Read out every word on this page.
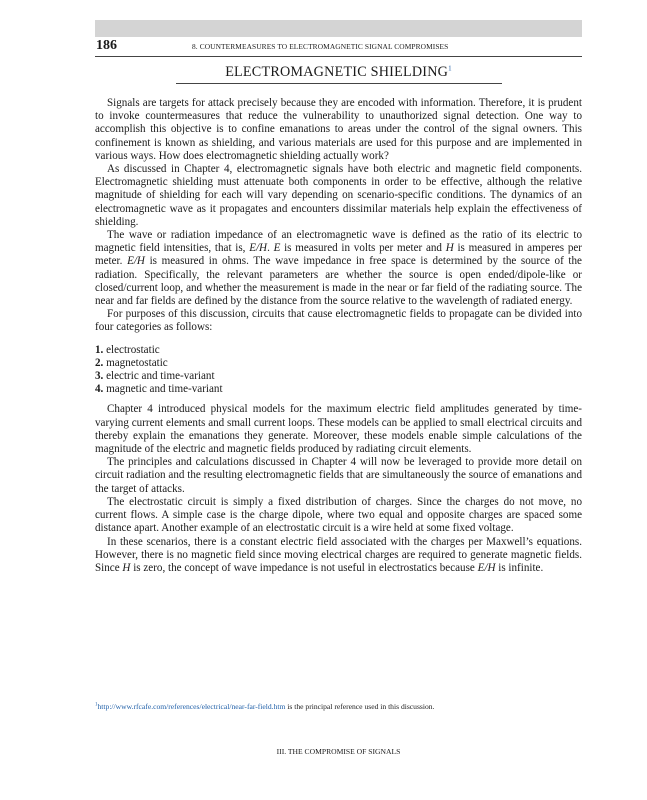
186	8. COUNTERMEASURES TO ELECTROMAGNETIC SIGNAL COMPROMISES
ELECTROMAGNETIC SHIELDING$^1$

Signals are targets for attack precisely because they are encoded with information. Therefore, it is prudent to invoke countermeasures that reduce the vulnerability to unauthorized signal detection. One way to accomplish this objective is to confine emanations to areas under the control of the signal owners. This confinement is known as shielding, and various materials are used for this purpose and are implemented in various ways. How does electromagnetic shielding actually work?

As discussed in Chapter 4, electromagnetic signals have both electric and magnetic field components. Electromagnetic shielding must attenuate both components in order to be effective, although the relative magnitude of shielding for each will vary depending on scenario-specific conditions. The dynamics of an electromagnetic wave as it propagates and encounters dissimilar materials help explain the effectiveness of shielding.

The wave or radiation impedance of an electromagnetic wave is defined as the ratio of its electric to magnetic field intensities, that is, E/H. E is measured in volts per meter and H is measured in amperes per meter. E/H is measured in ohms. The wave impedance in free space is determined by the source of the radiation. Specifically, the relevant parameters are whether the source is open ended/dipole-like or closed/current loop, and whether the measurement is made in the near or far field of the radiating source. The near and far fields are defined by the distance from the source relative to the wavelength of radiated energy.

For purposes of this discussion, circuits that cause electromagnetic fields to propagate can be divided into four categories as follows:

1. electrostatic
2. magnetostatic
3. electric and time-variant
4. magnetic and time-variant

Chapter 4 introduced physical models for the maximum electric field amplitudes generated by time-varying current elements and small current loops. These models can be applied to small electrical circuits and thereby explain the emanations they generate. Moreover, these models enable simple calculations of the magnitude of the electric and magnetic fields produced by radiating circuit elements.

The principles and calculations discussed in Chapter 4 will now be leveraged to provide more detail on circuit radiation and the resulting electromagnetic fields that are simultaneously the source of emanations and the target of attacks.

The electrostatic circuit is simply a fixed distribution of charges. Since the charges do not move, no current flows. A simple case is the charge dipole, where two equal and opposite charges are spaced some distance apart. Another example of an electrostatic circuit is a wire held at some fixed voltage.

In these scenarios, there is a constant electric field associated with the charges per Maxwell’s equations. However, there is no magnetic field since moving electrical charges are required to generate magnetic fields. Since H is zero, the concept of wave impedance is not useful in electrostatics because E/H is infinite.

$^1$http://www.rfcafe.com/references/electrical/near-far-field.htm is the principal reference used in this discussion.
III. THE COMPROMISE OF SIGNALS
